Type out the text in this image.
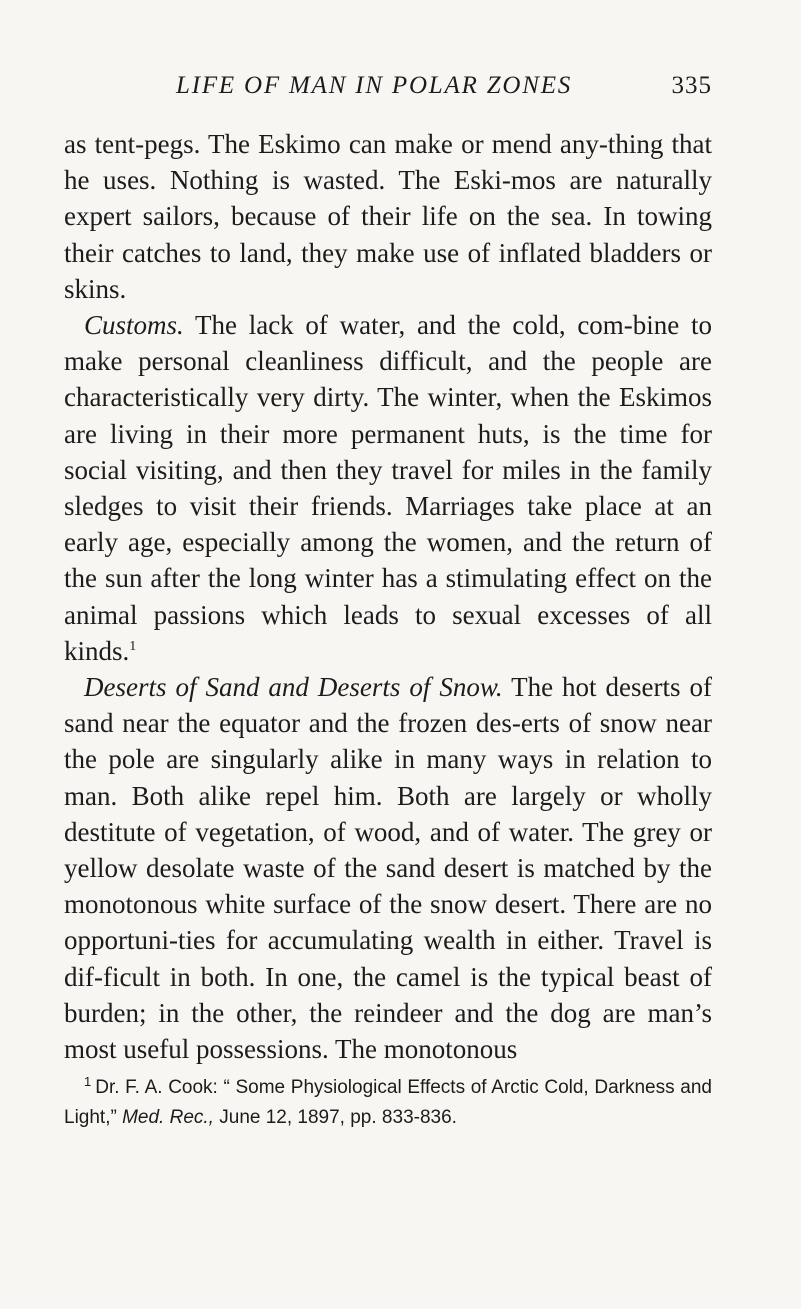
LIFE OF MAN IN POLAR ZONES	335

as tent-pegs. The Eskimo can make or mend any-thing that he uses. Nothing is wasted. The Eski-mos are naturally expert sailors, because of their life on the sea. In towing their catches to land, they make use of inflated bladders or skins.

Customs. The lack of water, and the cold, com-bine to make personal cleanliness difficult, and the people are characteristically very dirty. The winter, when the Eskimos are living in their more permanent huts, is the time for social visiting, and then they travel for miles in the family sledges to visit their friends. Marriages take place at an early age, especially among the women, and the return of the sun after the long winter has a stimulating effect on the animal passions which leads to sexual excesses of all kinds.$^1$

Deserts of Sand and Deserts of Snow. The hot deserts of sand near the equator and the frozen des-erts of snow near the pole are singularly alike in many ways in relation to man. Both alike repel him. Both are largely or wholly destitute of vegetation, of wood, and of water. The grey or yellow desolate waste of the sand desert is matched by the monotonous white surface of the snow desert. There are no opportuni-ties for accumulating wealth in either. Travel is dif-ficult in both. In one, the camel is the typical beast of burden; in the other, the reindeer and the dog are man’s most useful possessions. The monotonous

$^1$ Dr. F. A. Cook: “ Some Physiological Effects of Arctic Cold, Darkness and Light,” Med. Rec., June 12, 1897, pp. 833-836.
